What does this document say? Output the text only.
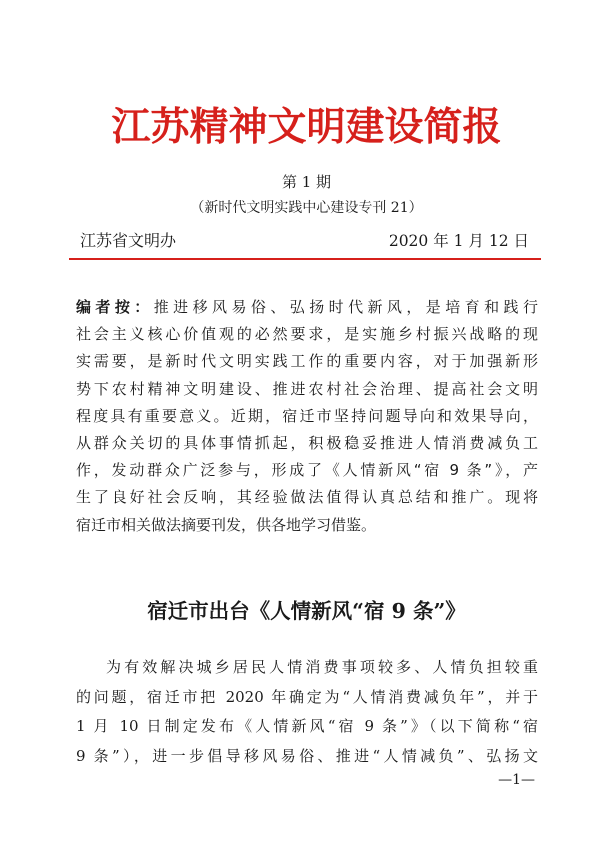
江苏精神文明建设简报
第 1 期
（新时代文明实践中心建设专刊 21）
江苏省文明办	2020 年 1 月 12 日
编者按：推进移风易俗、弘扬时代新风，是培育和践行
社会主义核心价值观的必然要求，是实施乡村振兴战略的现
实需要，是新时代文明实践工作的重要内容，对于加强新形
势下农村精神文明建设、推进农村社会治理、提高社会文明
程度具有重要意义。近期，宿迁市坚持问题导向和效果导向，
从群众关切的具体事情抓起，积极稳妥推进人情消费减负工
作，发动群众广泛参与，形成了《人情新风“宿 9 条”》，产
生了良好社会反响，其经验做法值得认真总结和推广。现将
宿迁市相关做法摘要刊发，供各地学习借鉴。
宿迁市出台《人情新风“宿 9 条”》
为有效解决城乡居民人情消费事项较多、人情负担较重
的问题，宿迁市把 2020 年确定为“人情消费减负年”，并于
1 月 10 日制定发布《人情新风“宿 9 条”》（以下简称“宿
9 条”），进一步倡导移风易俗、推进“人情减负”、弘扬文
—1—
